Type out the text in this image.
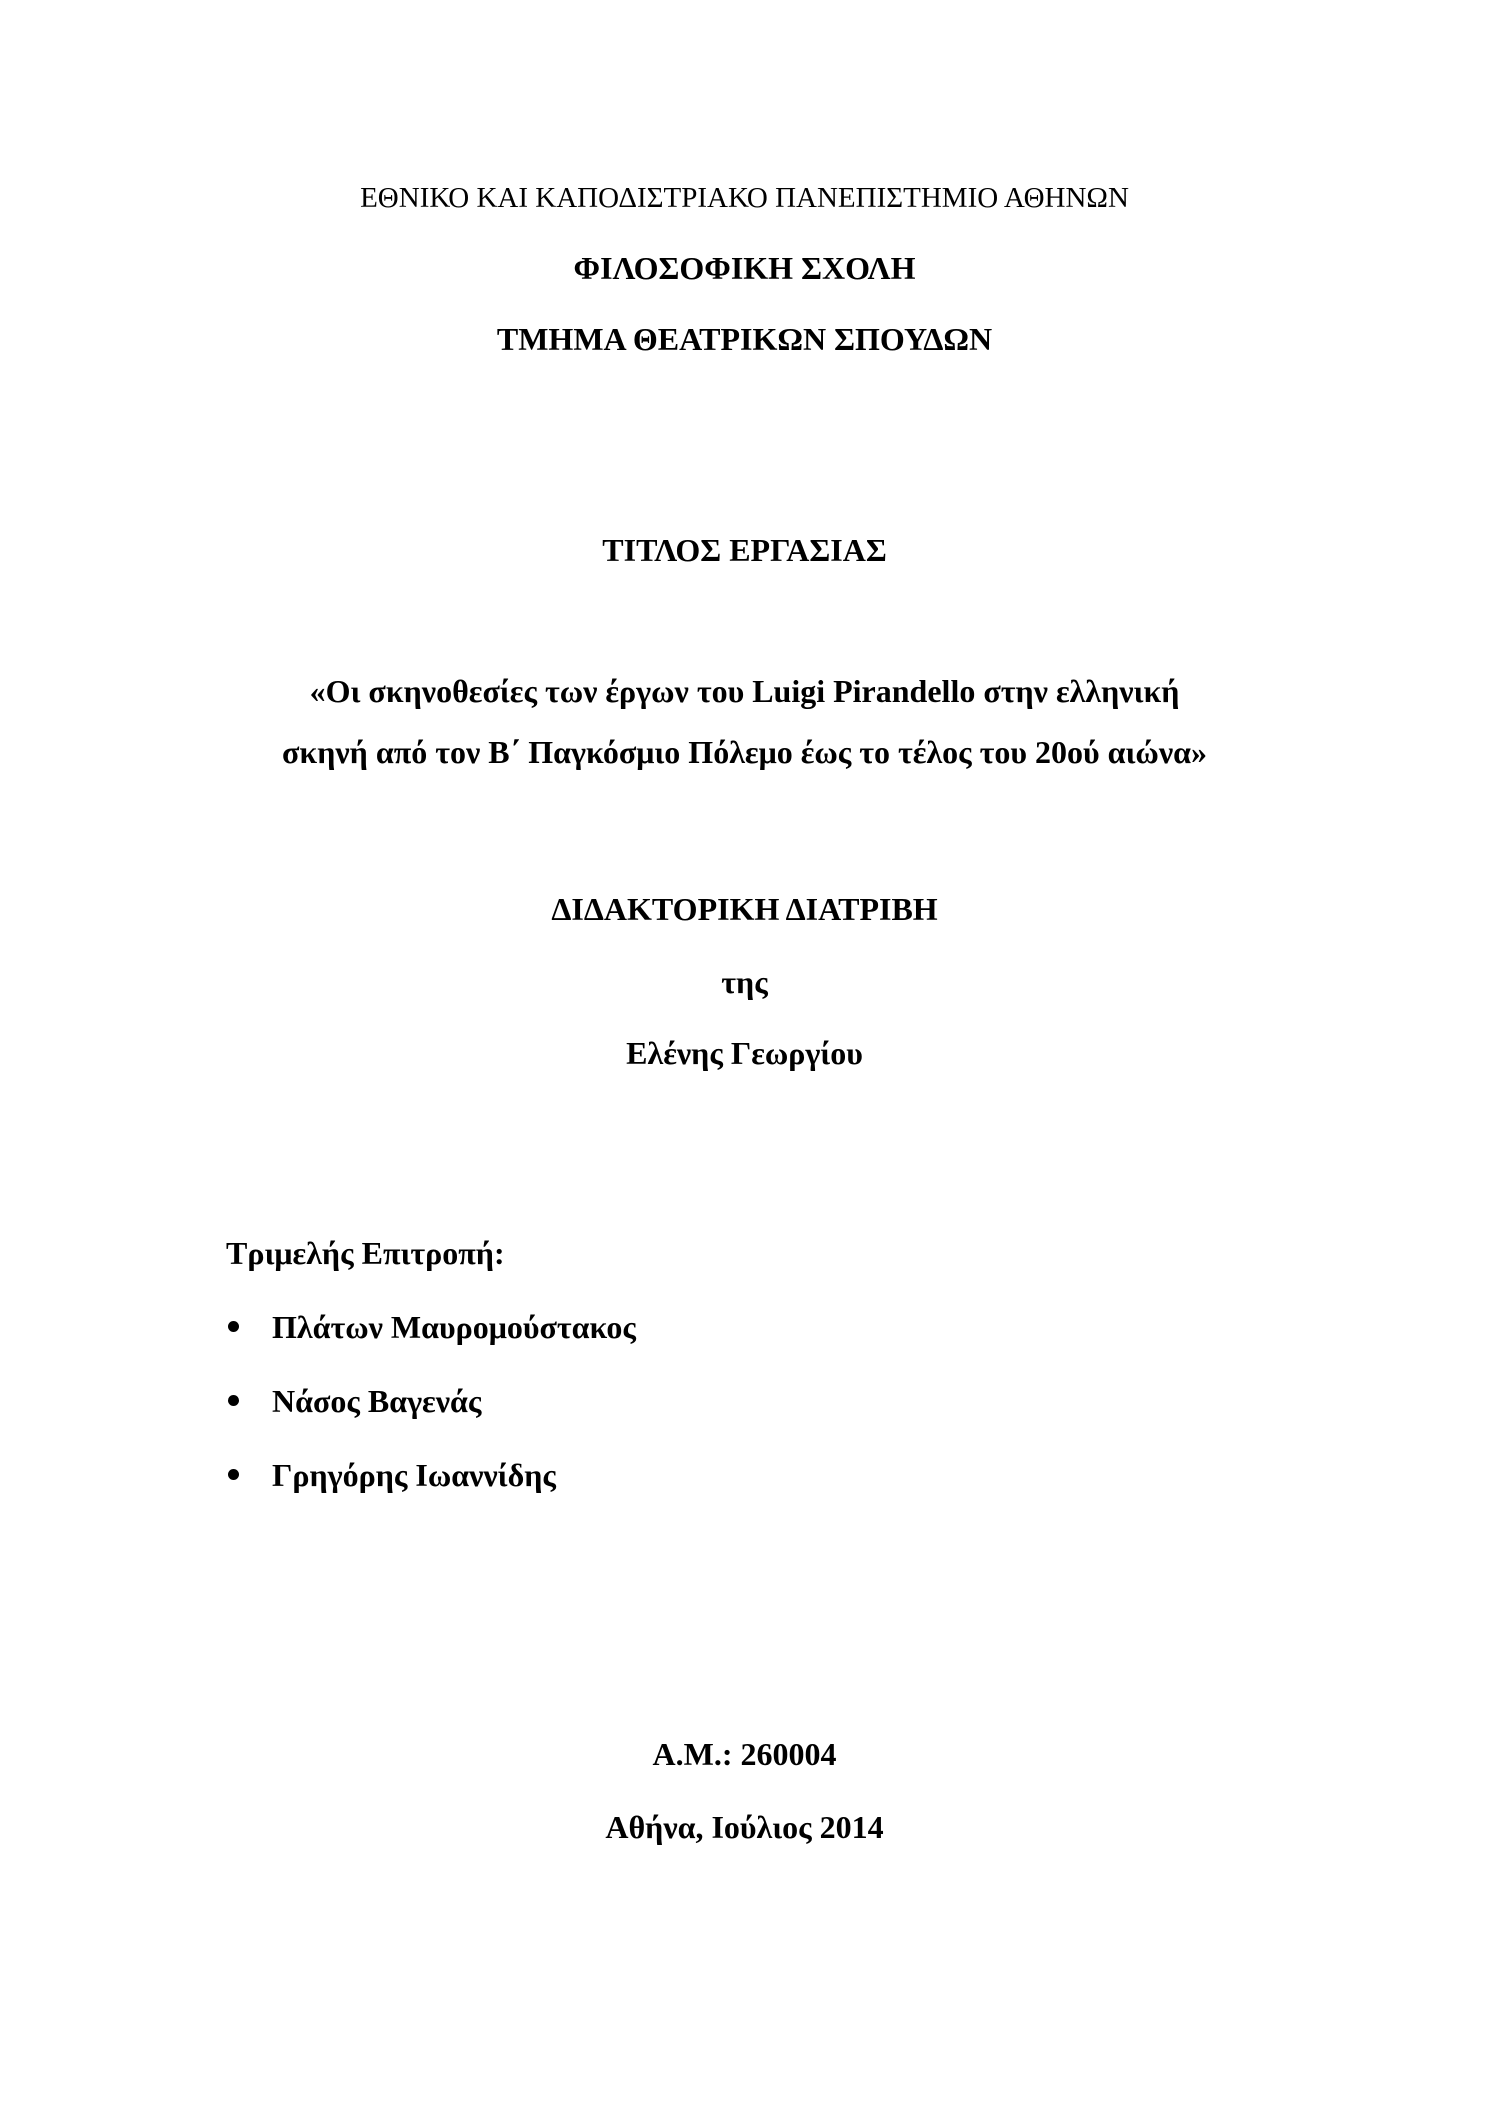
ΕΘΝΙΚΟ ΚΑΙ ΚΑΠΟΔΙΣΤΡΙΑΚΟ ΠΑΝΕΠΙΣΤΗΜΙΟ ΑΘΗΝΩΝ
ΦΙΛΟΣΟΦΙΚΗ ΣΧΟΛΗ
ΤΜΗΜΑ ΘΕΑΤΡΙΚΩΝ ΣΠΟΥΔΩΝ
ΤΙΤΛΟΣ ΕΡΓΑΣΙΑΣ
«Οι σκηνοθεσίες των έργων του Luigi Pirandello στην ελληνική
σκηνή από τον Β΄ Παγκόσμιο Πόλεμο έως το τέλος του 20ού αιώνα»
ΔΙΔΑΚΤΟΡΙΚΗ ΔΙΑΤΡΙΒΗ
της
Ελένης Γεωργίου
Τριμελής Επιτροπή:
Πλάτων Μαυρομούστακος
Νάσος Βαγενάς
Γρηγόρης Ιωαννίδης
Α.Μ.: 260004
Αθήνα, Ιούλιος 2014
